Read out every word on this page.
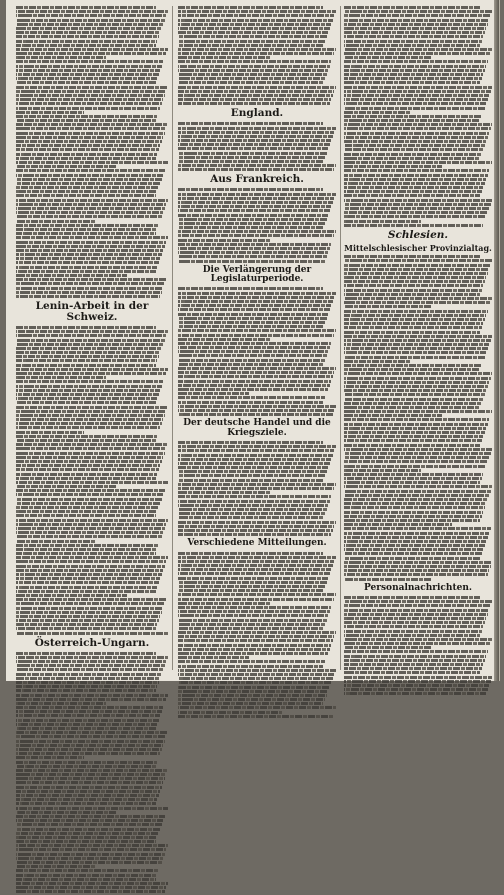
Lenin-Arbeit in der Schweiz.
Österreich-Ungarn.
England.
Aus Frankreich.
Die Verlängerung der Legislaturperiode.
Der deutsche Handel und die Kriegsziele.
Verschiedene Mitteilungen.
Schlesien.
Mittelschlesischer Provinzialtag.
Personalnachrichten.
